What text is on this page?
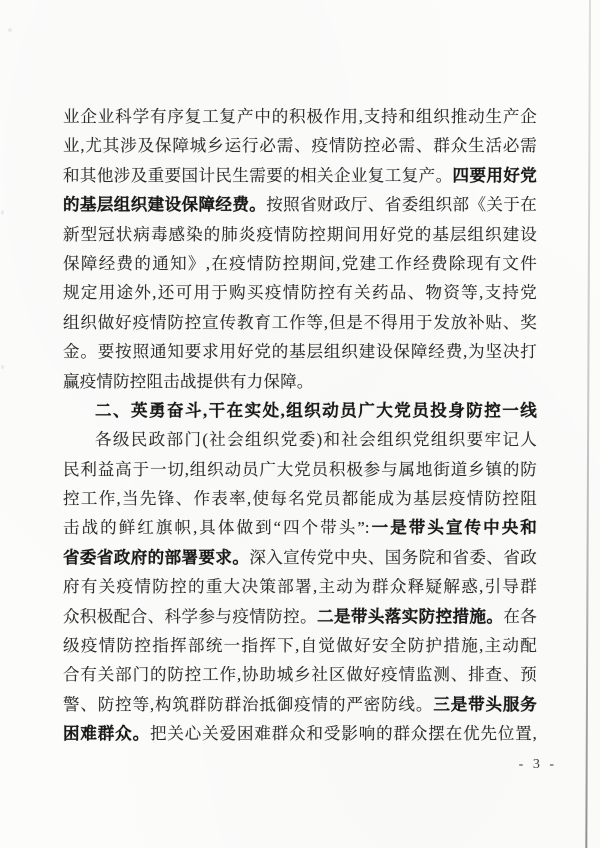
业企业科学有序复工复产中的积极作用,支持和组织推动生产企
业,尤其涉及保障城乡运行必需、疫情防控必需、群众生活必需
和其他涉及重要国计民生需要的相关企业复工复产。四要用好党
的基层组织建设保障经费。按照省财政厅、省委组织部《关于在
新型冠状病毒感染的肺炎疫情防控期间用好党的基层组织建设
保障经费的通知》,在疫情防控期间,党建工作经费除现有文件
规定用途外,还可用于购买疫情防控有关药品、物资等,支持党
组织做好疫情防控宣传教育工作等,但是不得用于发放补贴、奖
金。要按照通知要求用好党的基层组织建设保障经费,为坚决打
赢疫情防控阻击战提供有力保障。
二、英勇奋斗,干在实处,组织动员广大党员投身防控一线
各级民政部门(社会组织党委)和社会组织党组织要牢记人
民利益高于一切,组织动员广大党员积极参与属地街道乡镇的防
控工作,当先锋、作表率,使每名党员都能成为基层疫情防控阻
击战的鲜红旗帜,具体做到“四个带头”:一是带头宣传中央和
省委省政府的部署要求。深入宣传党中央、国务院和省委、省政
府有关疫情防控的重大决策部署,主动为群众释疑解惑,引导群
众积极配合、科学参与疫情防控。二是带头落实防控措施。在各
级疫情防控指挥部统一指挥下,自觉做好安全防护措施,主动配
合有关部门的防控工作,协助城乡社区做好疫情监测、排查、预
警、防控等,构筑群防群治抵御疫情的严密防线。三是带头服务
困难群众。把关心关爱困难群众和受影响的群众摆在优先位置,
- 3 -
